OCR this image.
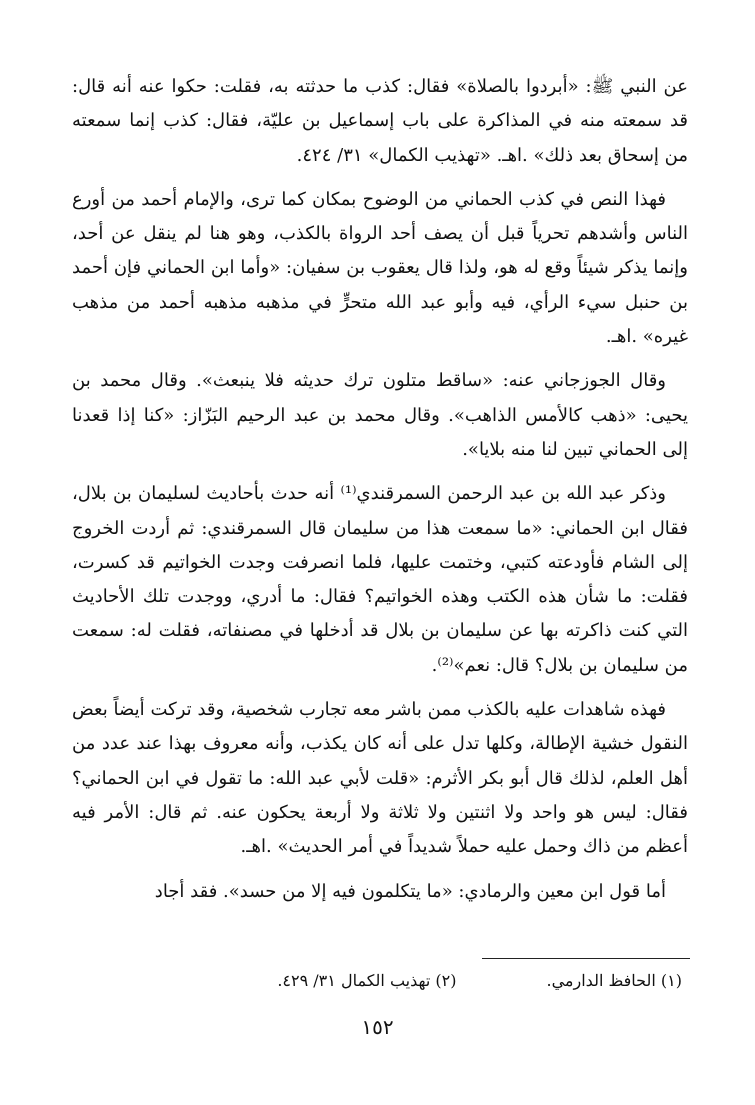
عن النبي ﷺ: «أبردوا بالصلاة» فقال: كذب ما حدثته به، فقلت: حكوا عنه أنه قال: قد سمعته منه في المذاكرة على باب إسماعيل بن عليّة، فقال: كذب إنما سمعته من إسحاق بعد ذلك» .اهـ. «تهذيب الكمال» ٣١/ ٤٢٤.

فهذا النص في كذب الحماني من الوضوح بمكان كما ترى، والإمام أحمد من أورع الناس وأشدهم تحرياً قبل أن يصف أحد الرواة بالكذب، وهو هنا لم ينقل عن أحد، وإنما يذكر شيئاً وقع له هو، ولذا قال يعقوب بن سفيان: «وأما ابن الحماني فإن أحمد بن حنبل سيء الرأي، فيه وأبو عبد الله متحرٍّ في مذهبه مذهبه أحمد من مذهب غيره» .اهـ.

وقال الجوزجاني عنه: «ساقط متلون ترك حديثه فلا ينبعث». وقال محمد بن يحيى: «ذهب كالأمس الذاهب». وقال محمد بن عبد الرحيم البَزّاز: «كنا إذا قعدنا إلى الحماني تبين لنا منه بلايا».

وذكر عبد الله بن عبد الرحمن السمرقندي⁽¹⁾ أنه حدث بأحاديث لسليمان بن بلال، فقال ابن الحماني: «ما سمعت هذا من سليمان قال السمرقندي: ثم أردت الخروج إلى الشام فأودعته كتبي، وختمت عليها، فلما انصرفت وجدت الخواتيم قد كسرت، فقلت: ما شأن هذه الكتب وهذه الخواتيم؟ فقال: ما أدري، ووجدت تلك الأحاديث التي كنت ذاكرته بها عن سليمان بن بلال قد أدخلها في مصنفاته، فقلت له: سمعت من سليمان بن بلال؟ قال: نعم»⁽²⁾.

فهذه شاهدات عليه بالكذب ممن باشر معه تجارب شخصية، وقد تركت أيضاً بعض النقول خشية الإطالة، وكلها تدل على أنه كان يكذب، وأنه معروف بهذا عند عدد من أهل العلم، لذلك قال أبو بكر الأثرم: «قلت لأبي عبد الله: ما تقول في ابن الحماني؟ فقال: ليس هو واحد ولا اثنتين ولا ثلاثة ولا أربعة يحكون عنه. ثم قال: الأمر فيه أعظم من ذاك وحمل عليه حملاً شديداً في أمر الحديث» .اهـ.

أما قول ابن معين والرمادي: «ما يتكلمون فيه إلا من حسد». فقد أجاد

(١) الحافظ الدارمي.
(٢) تهذيب الكمال ٣١/ ٤٢٩.
١٥٢
